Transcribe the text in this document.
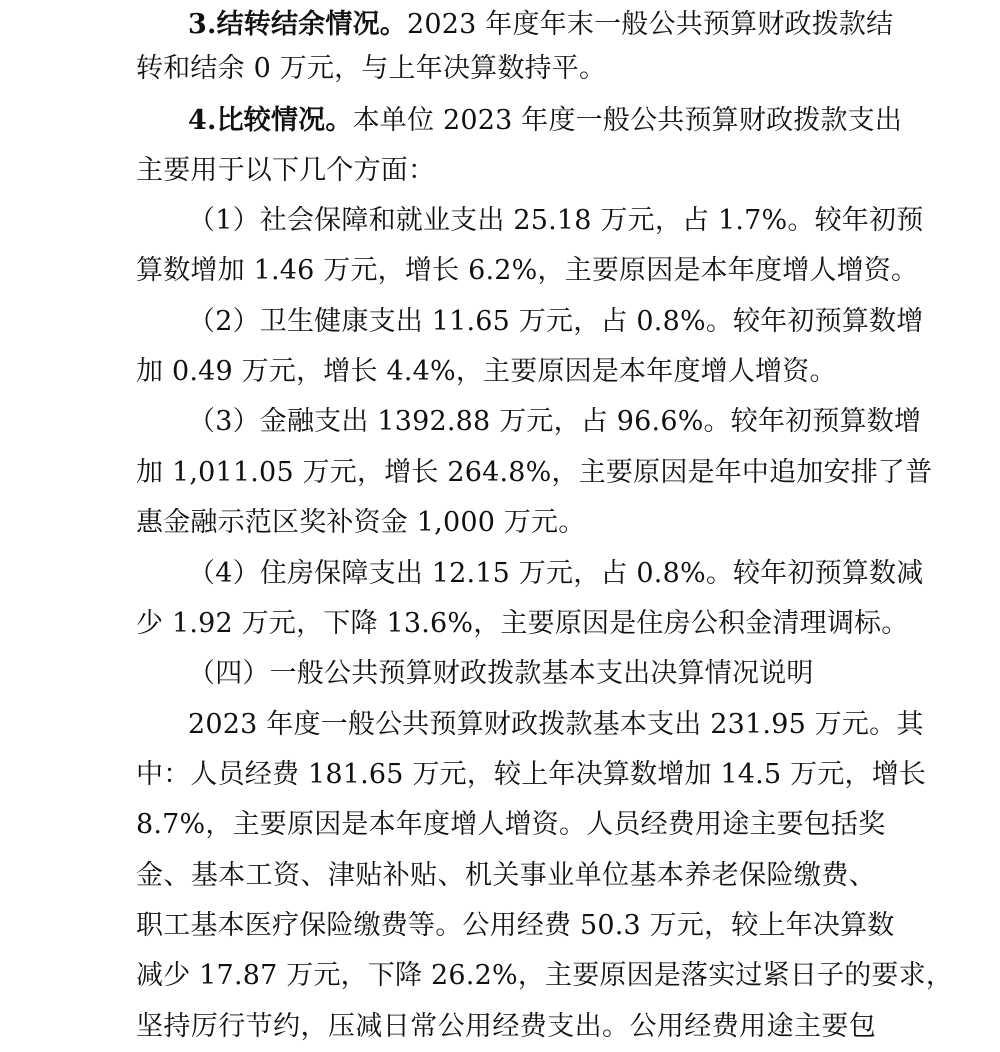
3.结转结余情况。2023 年度年末一般公共预算财政拨款结
转和结余 0 万元，与上年决算数持平。
4.比较情况。本单位 2023 年度一般公共预算财政拨款支出
主要用于以下几个方面：
（1）社会保障和就业支出 25.18 万元，占 1.7%。较年初预
算数增加 1.46 万元，增长 6.2%，主要原因是本年度增人增资。
（2）卫生健康支出 11.65 万元，占 0.8%。较年初预算数增
加 0.49 万元，增长 4.4%，主要原因是本年度增人增资。
（3）金融支出 1392.88 万元，占 96.6%。较年初预算数增
加 1,011.05 万元，增长 264.8%，主要原因是年中追加安排了普
惠金融示范区奖补资金 1,000 万元。
（4）住房保障支出 12.15 万元，占 0.8%。较年初预算数减
少 1.92 万元，下降 13.6%，主要原因是住房公积金清理调标。
（四）一般公共预算财政拨款基本支出决算情况说明
2023 年度一般公共预算财政拨款基本支出 231.95 万元。其
中：人员经费 181.65 万元，较上年决算数增加 14.5 万元，增长
8.7%，主要原因是本年度增人增资。人员经费用途主要包括奖
金、基本工资、津贴补贴、机关事业单位基本养老保险缴费、
职工基本医疗保险缴费等。公用经费 50.3 万元，较上年决算数
减少 17.87 万元，下降 26.2%，主要原因是落实过紧日子的要求，
坚持厉行节约，压减日常公用经费支出。公用经费用途主要包
